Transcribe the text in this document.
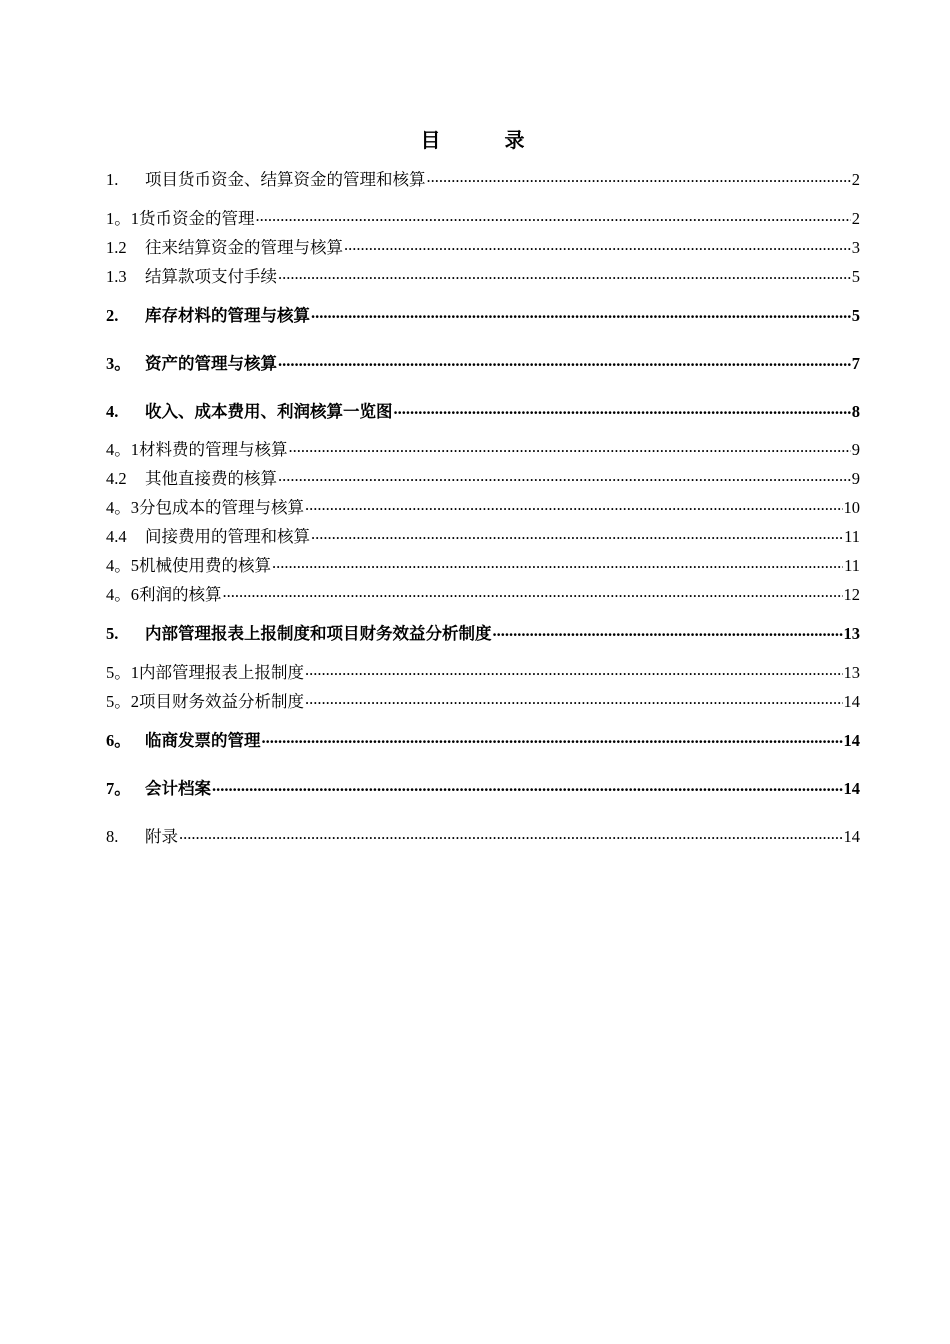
目　录
1.	项目货币资金、结算资金的管理和核算 .....	2
1。1 货币资金的管理 .....	2
1.2	往来结算资金的管理与核算 .....	3
1.3	结算款项支付手续 .....	5
2.	库存材料的管理与核算 .....	5
3。 资产的管理与核算 .....	7
4.	收入、成本费用、利润核算一览图 .....	8
4。1 材料费的管理与核算 .....	9
4.2	其他直接费的核算 .....	9
4。3 分包成本的管理与核算 .....	10
4.4	间接费用的管理和核算 .....	11
4。5 机械使用费的核算 .....	11
4。6 利润的核算 .....	12
5.	内部管理报表上报制度和项目财务效益分析制度 .....	13
5。1 内部管理报表上报制度 .....	13
5。2 项目财务效益分析制度 .....	14
6。 临商发票的管理 .....	14
7。 会计档案 .....	14
8.	附录 .....	14
